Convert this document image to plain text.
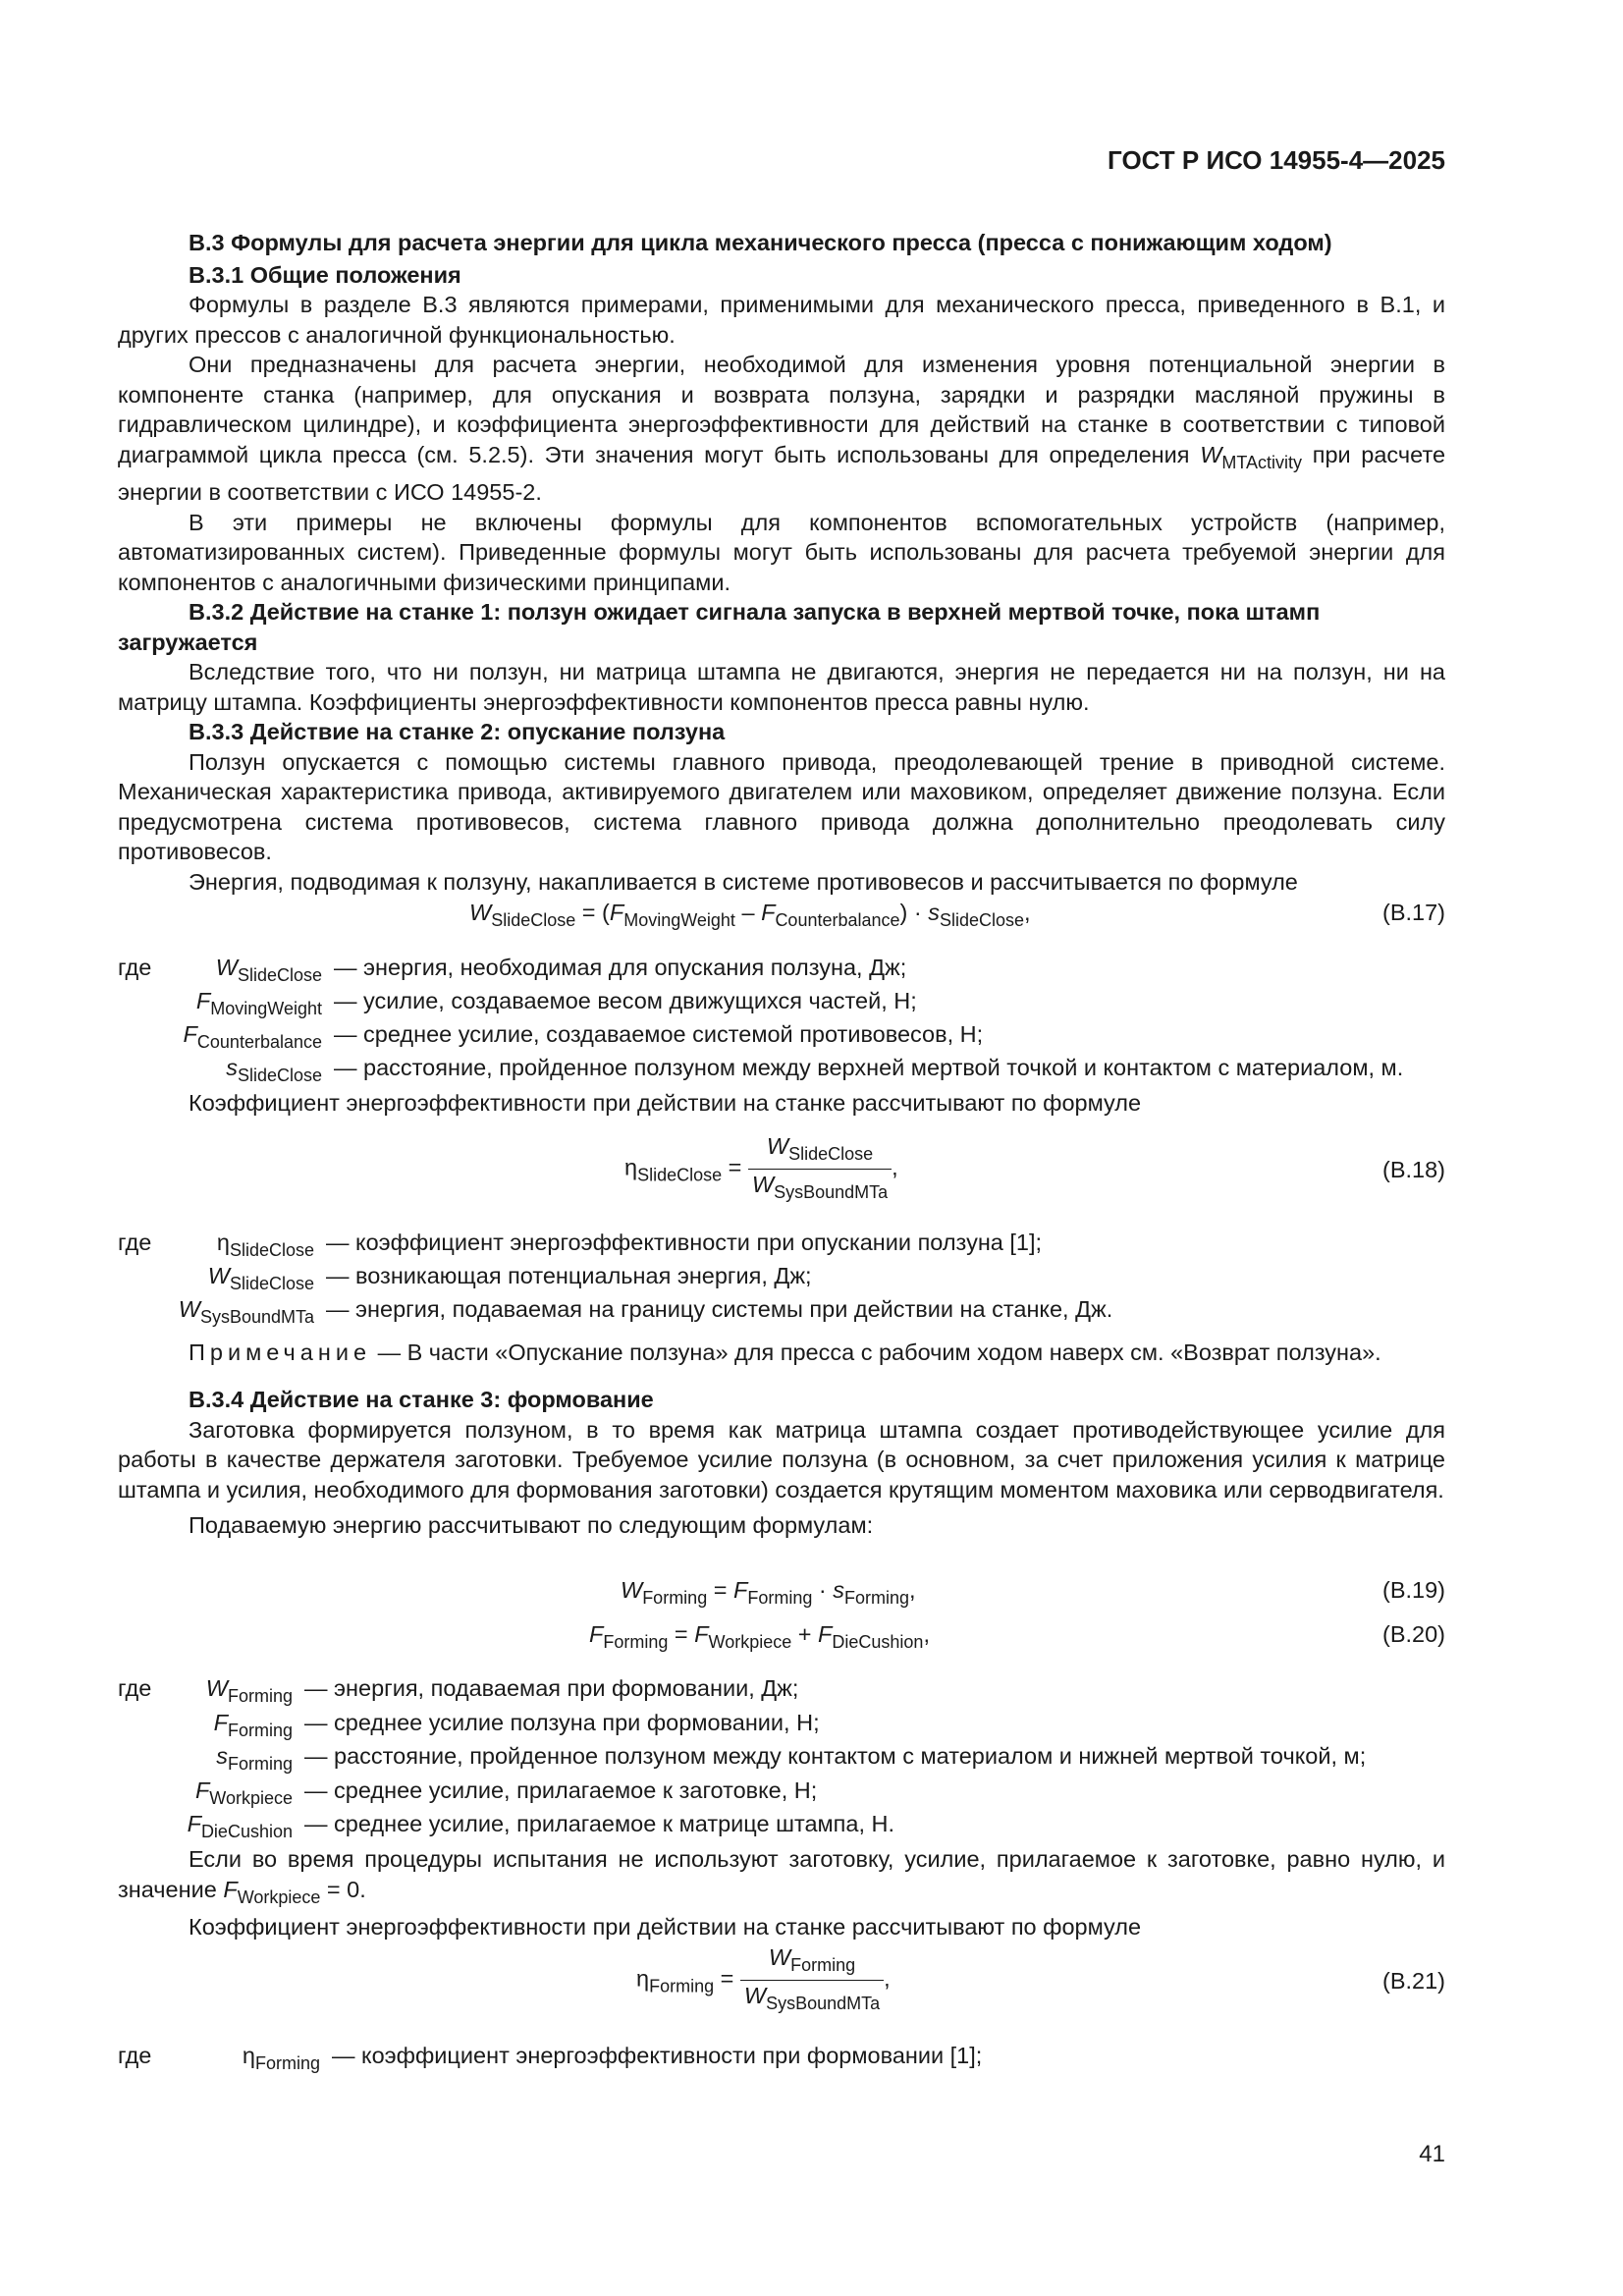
ГОСТ Р ИСО 14955-4—2025

В.3 Формулы для расчета энергии для цикла механического пресса (пресса с понижающим ходом)

В.3.1 Общие положения

Формулы в разделе В.3 являются примерами, применимыми для механического пресса, приведенного в В.1, и других прессов с аналогичной функциональностью.

Они предназначены для расчета энергии, необходимой для изменения уровня потенциальной энергии в компоненте станка (например, для опускания и возврата ползуна, зарядки и разрядки масляной пружины в гидравлическом цилиндре), и коэффициента энергоэффективности для действий на станке в соответствии с типовой диаграммой цикла пресса (см. 5.2.5). Эти значения могут быть использованы для определения $W_{MTActivity}$ при расчете энергии в соответствии с ИСО 14955-2.

В эти примеры не включены формулы для компонентов вспомогательных устройств (например, автоматизированных систем). Приведенные формулы могут быть использованы для расчета требуемой энергии для компонентов с аналогичными физическими принципами.

В.3.2 Действие на станке 1: ползун ожидает сигнала запуска в верхней мертвой точке, пока штамп загружается

Вследствие того, что ни ползун, ни матрица штампа не двигаются, энергия не передается ни на ползун, ни на матрицу штампа. Коэффициенты энергоэффективности компонентов пресса равны нулю.

В.3.3 Действие на станке 2: опускание ползуна

Ползун опускается с помощью системы главного привода, преодолевающей трение в приводной системе. Механическая характеристика привода, активируемого двигателем или маховиком, определяет движение ползуна. Если предусмотрена система противовесов, система главного привода должна дополнительно преодолевать силу противовесов.

Энергия, подводимая к ползуну, накапливается в системе противовесов и рассчитывается по формуле

$W_{SlideClose} = (F_{MovingWeight} - F_{Counterbalance}) \cdot s_{SlideClose}$,	(B.17)
где	$W_{SlideClose}$ — энергия, необходимая для опускания ползуна, Дж;
$F_{MovingWeight}$ — усилие, создаваемое весом движущихся частей, Н;
$F_{Counterbalance}$ — среднее усилие, создаваемое системой противовесов, Н;
$s_{SlideClose}$ — расстояние, пройденное ползуном между верхней мертвой точкой и контактом с материалом, м.

Коэффициент энергоэффективности при действии на станке рассчитывают по формуле

$\eta_{SlideClose} = \frac{W_{SlideClose}}{W_{SysBoundMTa}}$ ,	(B.18)
где	$\eta_{SlideClose}$ — коэффициент энергоэффективности при опускании ползуна [1];
$W_{SlideClose}$ — возникающая потенциальная энергия, Дж;
$W_{SysBoundMTa}$ — энергия, подаваемая на границу системы при действии на станке, Дж.

Примечание — В части «Опускание ползуна» для пресса с рабочим ходом наверх см. «Возврат ползуна».

В.3.4 Действие на станке 3: формование

Заготовка формируется ползуном, в то время как матрица штампа создает противодействующее усилие для работы в качестве держателя заготовки. Требуемое усилие ползуна (в основном, за счет приложения усилия к матрице штампа и усилия, необходимого для формования заготовки) создается крутящим моментом маховика или серводвигателя.

Подаваемую энергию рассчитывают по следующим формулам:

$W_{Forming} = F_{Forming} \cdot s_{Forming}$,	(B.19)
$F_{Forming} = F_{Workpiece} + F_{DieCushion}$,	(B.20)
где	$W_{Forming}$ — энергия, подаваемая при формовании, Дж;
$F_{Forming}$ — среднее усилие ползуна при формовании, Н;
$s_{Forming}$ — расстояние, пройденное ползуном между контактом с материалом и нижней мертвой точкой, м;
$F_{Workpiece}$ — среднее усилие, прилагаемое к заготовке, Н;
$F_{DieCushion}$ — среднее усилие, прилагаемое к матрице штампа, Н.

Если во время процедуры испытания не используют заготовку, усилие, прилагаемое к заготовке, равно нулю, и значение $F_{Workpiece} = 0$.

Коэффициент энергоэффективности при действии на станке рассчитывают по формуле

$\eta_{Forming} = \frac{W_{Forming}}{W_{SysBoundMTa}}$ ,	(B.21)
где	$\eta_{Forming}$ — коэффициент энергоэффективности при формовании [1];
41
